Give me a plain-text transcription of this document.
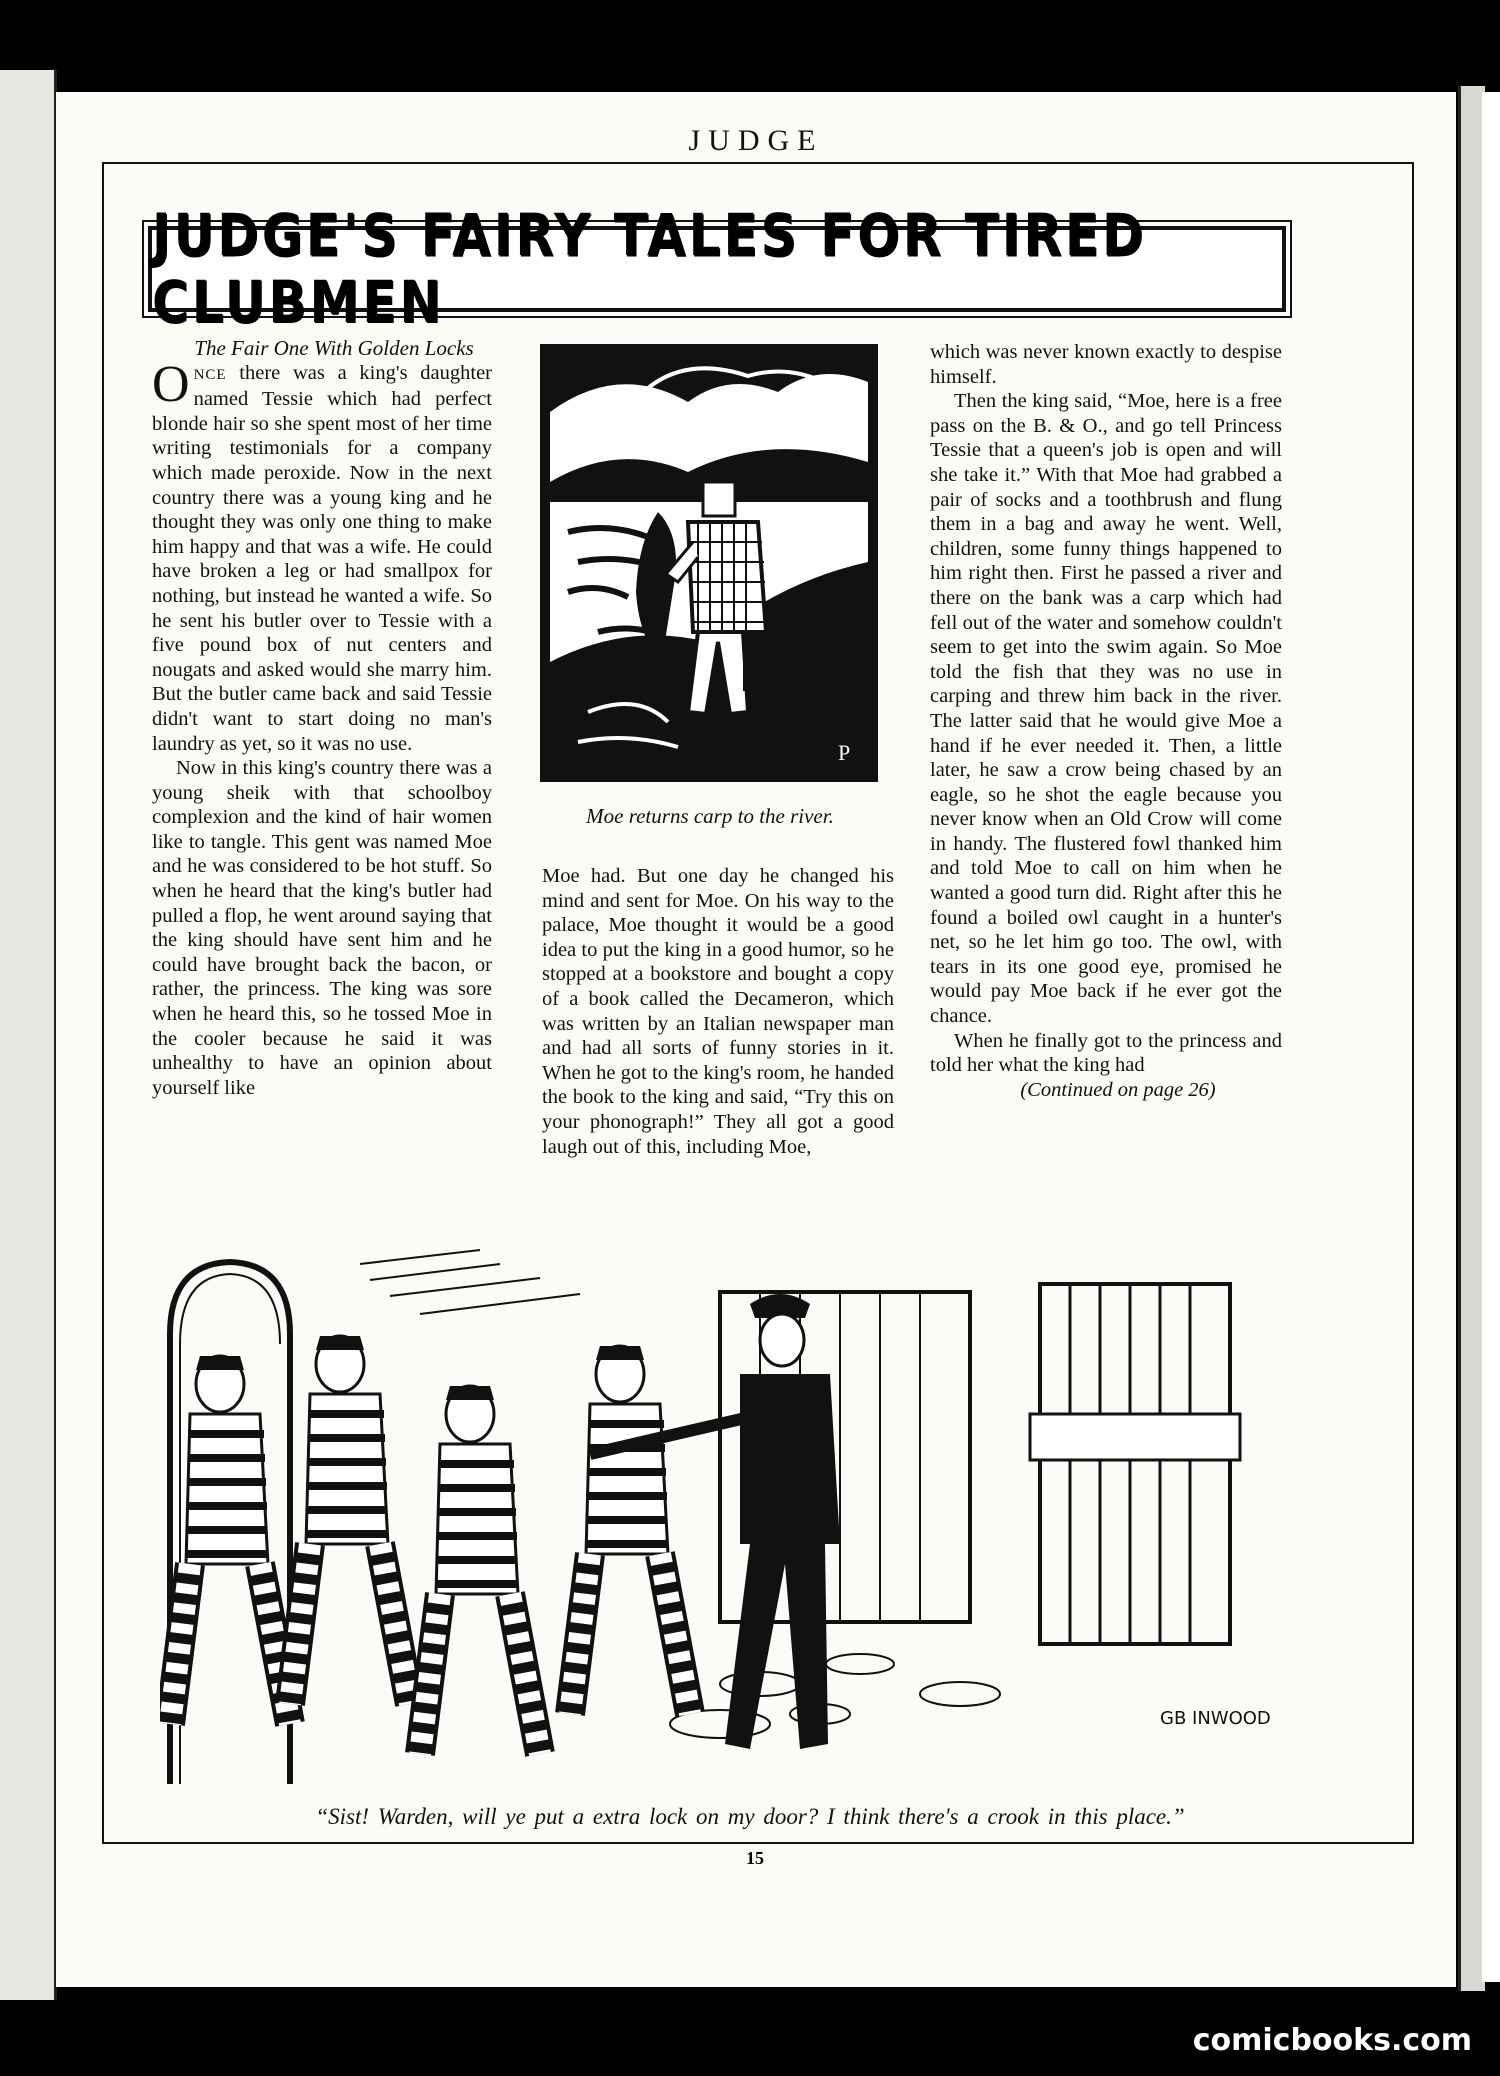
JUDGE
JUDGE'S FAIRY TALES FOR TIRED CLUBMEN

The Fair One With Golden Locks

ONCE there was a king's daughter named Tessie which had perfect blonde hair so she spent most of her time writing testimonials for a company which made peroxide. Now in the next country there was a young king and he thought they was only one thing to make him happy and that was a wife. He could have broken a leg or had smallpox for nothing, but instead he wanted a wife. So he sent his butler over to Tessie with a five pound box of nut centers and nougats and asked would she marry him. But the butler came back and said Tessie didn't want to start doing no man's laundry as yet, so it was no use.

Now in this king's country there was a young sheik with that schoolboy complexion and the kind of hair women like to tangle. This gent was named Moe and he was considered to be hot stuff. So when he heard that the king's butler had pulled a flop, he went around saying that the king should have sent him and he could have brought back the bacon, or rather, the princess. The king was sore when he heard this, so he tossed Moe in the cooler because he said it was unhealthy to have an opinion about yourself like

P
Moe returns carp to the river.

Moe had. But one day he changed his mind and sent for Moe. On his way to the palace, Moe thought it would be a good idea to put the king in a good humor, so he stopped at a bookstore and bought a copy of a book called the Decameron, which was written by an Italian newspaper man and had all sorts of funny stories in it. When he got to the king's room, he handed the book to the king and said, “Try this on your phonograph!” They all got a good laugh out of this, including Moe,

which was never known exactly to despise himself.

Then the king said, “Moe, here is a free pass on the B. & O., and go tell Princess Tessie that a queen's job is open and will she take it.” With that Moe had grabbed a pair of socks and a toothbrush and flung them in a bag and away he went. Well, children, some funny things happened to him right then. First he passed a river and there on the bank was a carp which had fell out of the water and somehow couldn't seem to get into the swim again. So Moe told the fish that they was no use in carping and threw him back in the river. The latter said that he would give Moe a hand if he ever needed it. Then, a little later, he saw a crow being chased by an eagle, so he shot the eagle because you never know when an Old Crow will come in handy. The flustered fowl thanked him and told Moe to call on him when he wanted a good turn did. Right after this he found a boiled owl caught in a hunter's net, so he let him go too. The owl, with tears in its one good eye, promised he would pay Moe back if he ever got the chance.

When he finally got to the princess and told her what the king had

(Continued on page 26)

GB INWOOD
“Sist! Warden, will ye put a extra lock on my door? I think there's a crook in this place.”
15
comicbooks.com
